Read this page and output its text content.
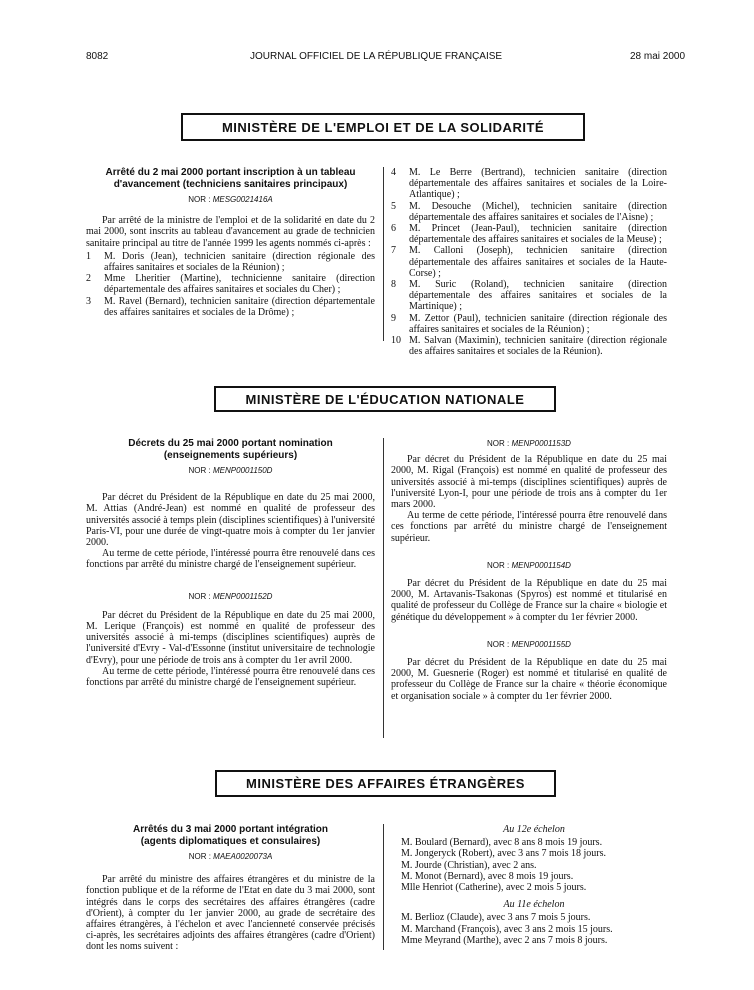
8082	JOURNAL OFFICIEL DE LA RÉPUBLIQUE FRANÇAISE	28 mai 2000
MINISTÈRE DE L'EMPLOI ET DE LA SOLIDARITÉ

Arrêté du 2 mai 2000 portant inscription à un tableau

d'avancement (techniciens sanitaires principaux)

NOR : MESG0021416A

Par arrêté de la ministre de l'emploi et de la solidarité en date du 2 mai 2000, sont inscrits au tableau d'avancement au grade de technicien sanitaire principal au titre de l'année 1999 les agents nommés ci-après :

1	M. Doris (Jean), technicien sanitaire (direction régionale des affaires sanitaires et sociales de la Réunion) ;
2	Mme Lheritier (Martine), technicienne sanitaire (direction départementale des affaires sanitaires et sociales du Cher) ;
3	M. Ravel (Bernard), technicien sanitaire (direction départementale des affaires sanitaires et sociales de la Drôme) ;
4	M. Le Berre (Bertrand), technicien sanitaire (direction départementale des affaires sanitaires et sociales de la Loire-Atlantique) ;
5	M. Desouche (Michel), technicien sanitaire (direction départementale des affaires sanitaires et sociales de l'Aisne) ;
6	M. Princet (Jean-Paul), technicien sanitaire (direction départementale des affaires sanitaires et sociales de la Meuse) ;
7	M. Calloni (Joseph), technicien sanitaire (direction départementale des affaires sanitaires et sociales de la Haute-Corse) ;
8	M. Suric (Roland), technicien sanitaire (direction départementale des affaires sanitaires et sociales de la Martinique) ;
9	M. Zettor (Paul), technicien sanitaire (direction régionale des affaires sanitaires et sociales de la Réunion) ;
10 M. Salvan (Maximin), technicien sanitaire (direction régionale des affaires sanitaires et sociales de la Réunion).
MINISTÈRE DE L'ÉDUCATION NATIONALE

Décrets du 25 mai 2000 portant nomination

(enseignements supérieurs)

NOR : MENP0001150D

Par décret du Président de la République en date du 25 mai 2000, M. Attias (André-Jean) est nommé en qualité de professeur des universités associé à temps plein (disciplines scientifiques) à l'université Paris-VI, pour une durée de vingt-quatre mois à compter du 1er janvier 2000.

Au terme de cette période, l'intéressé pourra être renouvelé dans ces fonctions par arrêté du ministre chargé de l'enseignement supérieur.

NOR : MENP0001152D

Par décret du Président de la République en date du 25 mai 2000, M. Lerique (François) est nommé en qualité de professeur des universités associé à mi-temps (disciplines scientifiques) auprès de l'université d'Evry - Val-d'Essonne (institut universitaire de technologie d'Evry), pour une période de trois ans à compter du 1er avril 2000.

Au terme de cette période, l'intéressé pourra être renouvelé dans ces fonctions par arrêté du ministre chargé de l'enseignement supérieur.

NOR : MENP0001153D

Par décret du Président de la République en date du 25 mai 2000, M. Rigal (François) est nommé en qualité de professeur des universités associé à mi-temps (disciplines scientifiques) auprès de l'université Lyon-I, pour une période de trois ans à compter du 1er mars 2000.

Au terme de cette période, l'intéressé pourra être renouvelé dans ces fonctions par arrêté du ministre chargé de l'enseignement supérieur.

NOR : MENP0001154D

Par décret du Président de la République en date du 25 mai 2000, M. Artavanis-Tsakonas (Spyros) est nommé et titularisé en qualité de professeur du Collège de France sur la chaire « biologie et génétique du développement » à compter du 1er février 2000.

NOR : MENP0001155D

Par décret du Président de la République en date du 25 mai 2000, M. Guesnerie (Roger) est nommé et titularisé en qualité de professeur du Collège de France sur la chaire « théorie économique et organisation sociale » à compter du 1er février 2000.

MINISTÈRE DES AFFAIRES ÉTRANGÈRES

Arrêtés du 3 mai 2000 portant intégration

(agents diplomatiques et consulaires)

NOR : MAEA0020073A

Par arrêté du ministre des affaires étrangères et du ministre de la fonction publique et de la réforme de l'Etat en date du 3 mai 2000, sont intégrés dans le corps des secrétaires des affaires étrangères (cadre d'Orient), à compter du 1er janvier 2000, au grade de secrétaire des affaires étrangères, à l'échelon et avec l'ancienneté conservée précisés ci-après, les secrétaires adjoints des affaires étrangères (cadre d'Orient) dont les noms suivent :

Au 12e échelon

M. Boulard (Bernard), avec 8 ans 8 mois 19 jours.

M. Jongeryck (Robert), avec 3 ans 7 mois 18 jours.

M. Jourde (Christian), avec 2 ans.

M. Monot (Bernard), avec 8 mois 19 jours.

Mlle Henriot (Catherine), avec 2 mois 5 jours.

Au 11e échelon

M. Berlioz (Claude), avec 3 ans 7 mois 5 jours.

M. Marchand (François), avec 3 ans 2 mois 15 jours.

Mme Meyrand (Marthe), avec 2 ans 7 mois 8 jours.
